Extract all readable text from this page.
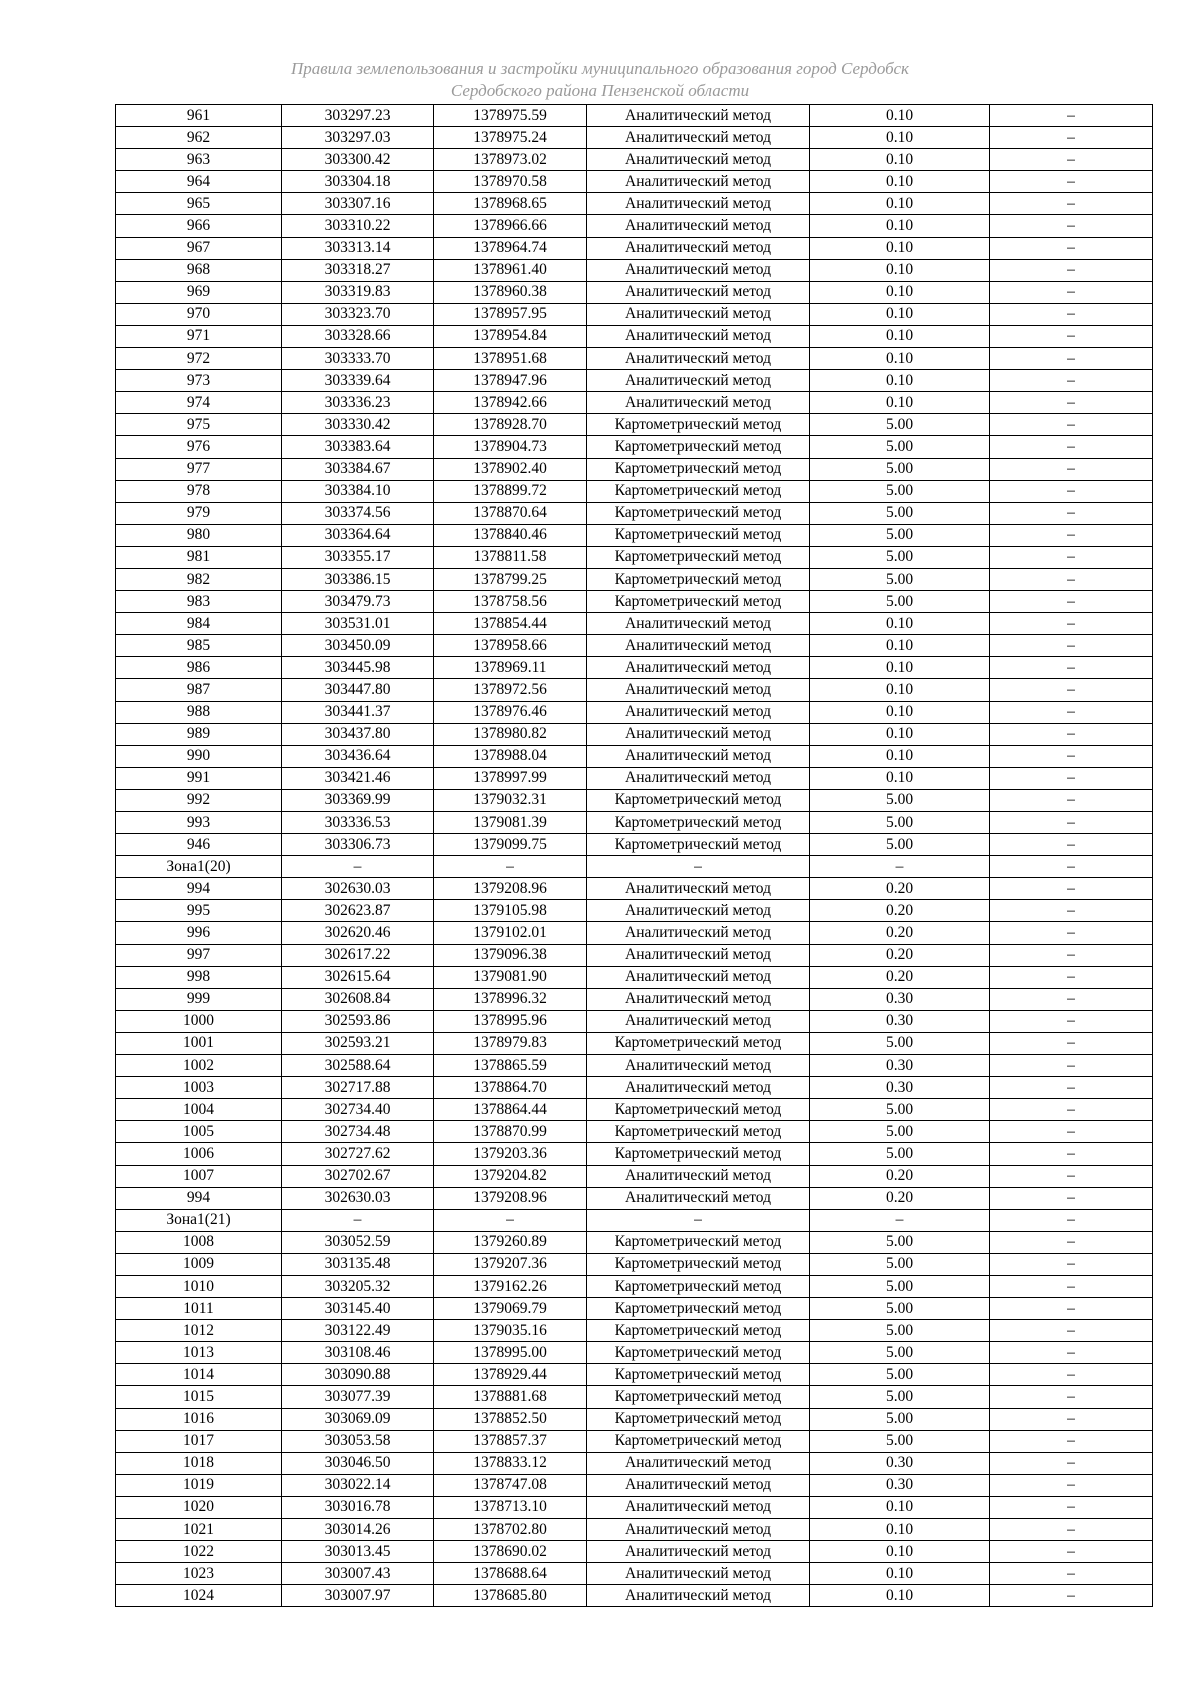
Правила землепользования и застройки муниципального образования город Сердобск
Сердобского района Пензенской области
961	303297.23	1378975.59	Аналитический метод	0.10	–
962	303297.03	1378975.24	Аналитический метод	0.10	–
963	303300.42	1378973.02	Аналитический метод	0.10	–
964	303304.18	1378970.58	Аналитический метод	0.10	–
965	303307.16	1378968.65	Аналитический метод	0.10	–
966	303310.22	1378966.66	Аналитический метод	0.10	–
967	303313.14	1378964.74	Аналитический метод	0.10	–
968	303318.27	1378961.40	Аналитический метод	0.10	–
969	303319.83	1378960.38	Аналитический метод	0.10	–
970	303323.70	1378957.95	Аналитический метод	0.10	–
971	303328.66	1378954.84	Аналитический метод	0.10	–
972	303333.70	1378951.68	Аналитический метод	0.10	–
973	303339.64	1378947.96	Аналитический метод	0.10	–
974	303336.23	1378942.66	Аналитический метод	0.10	–
975	303330.42	1378928.70	Картометрический метод	5.00	–
976	303383.64	1378904.73	Картометрический метод	5.00	–
977	303384.67	1378902.40	Картометрический метод	5.00	–
978	303384.10	1378899.72	Картометрический метод	5.00	–
979	303374.56	1378870.64	Картометрический метод	5.00	–
980	303364.64	1378840.46	Картометрический метод	5.00	–
981	303355.17	1378811.58	Картометрический метод	5.00	–
982	303386.15	1378799.25	Картометрический метод	5.00	–
983	303479.73	1378758.56	Картометрический метод	5.00	–
984	303531.01	1378854.44	Аналитический метод	0.10	–
985	303450.09	1378958.66	Аналитический метод	0.10	–
986	303445.98	1378969.11	Аналитический метод	0.10	–
987	303447.80	1378972.56	Аналитический метод	0.10	–
988	303441.37	1378976.46	Аналитический метод	0.10	–
989	303437.80	1378980.82	Аналитический метод	0.10	–
990	303436.64	1378988.04	Аналитический метод	0.10	–
991	303421.46	1378997.99	Аналитический метод	0.10	–
992	303369.99	1379032.31	Картометрический метод	5.00	–
993	303336.53	1379081.39	Картометрический метод	5.00	–
946	303306.73	1379099.75	Картометрический метод	5.00	–
Зона1(20)	–	–	–	–	–
994	302630.03	1379208.96	Аналитический метод	0.20	–
995	302623.87	1379105.98	Аналитический метод	0.20	–
996	302620.46	1379102.01	Аналитический метод	0.20	–
997	302617.22	1379096.38	Аналитический метод	0.20	–
998	302615.64	1379081.90	Аналитический метод	0.20	–
999	302608.84	1378996.32	Аналитический метод	0.30	–
1000	302593.86	1378995.96	Аналитический метод	0.30	–
1001	302593.21	1378979.83	Картометрический метод	5.00	–
1002	302588.64	1378865.59	Аналитический метод	0.30	–
1003	302717.88	1378864.70	Аналитический метод	0.30	–
1004	302734.40	1378864.44	Картометрический метод	5.00	–
1005	302734.48	1378870.99	Картометрический метод	5.00	–
1006	302727.62	1379203.36	Картометрический метод	5.00	–
1007	302702.67	1379204.82	Аналитический метод	0.20	–
994	302630.03	1379208.96	Аналитический метод	0.20	–
Зона1(21)	–	–	–	–	–
1008	303052.59	1379260.89	Картометрический метод	5.00	–
1009	303135.48	1379207.36	Картометрический метод	5.00	–
1010	303205.32	1379162.26	Картометрический метод	5.00	–
1011	303145.40	1379069.79	Картометрический метод	5.00	–
1012	303122.49	1379035.16	Картометрический метод	5.00	–
1013	303108.46	1378995.00	Картометрический метод	5.00	–
1014	303090.88	1378929.44	Картометрический метод	5.00	–
1015	303077.39	1378881.68	Картометрический метод	5.00	–
1016	303069.09	1378852.50	Картометрический метод	5.00	–
1017	303053.58	1378857.37	Картометрический метод	5.00	–
1018	303046.50	1378833.12	Аналитический метод	0.30	–
1019	303022.14	1378747.08	Аналитический метод	0.30	–
1020	303016.78	1378713.10	Аналитический метод	0.10	–
1021	303014.26	1378702.80	Аналитический метод	0.10	–
1022	303013.45	1378690.02	Аналитический метод	0.10	–
1023	303007.43	1378688.64	Аналитический метод	0.10	–
1024	303007.97	1378685.80	Аналитический метод	0.10	–
